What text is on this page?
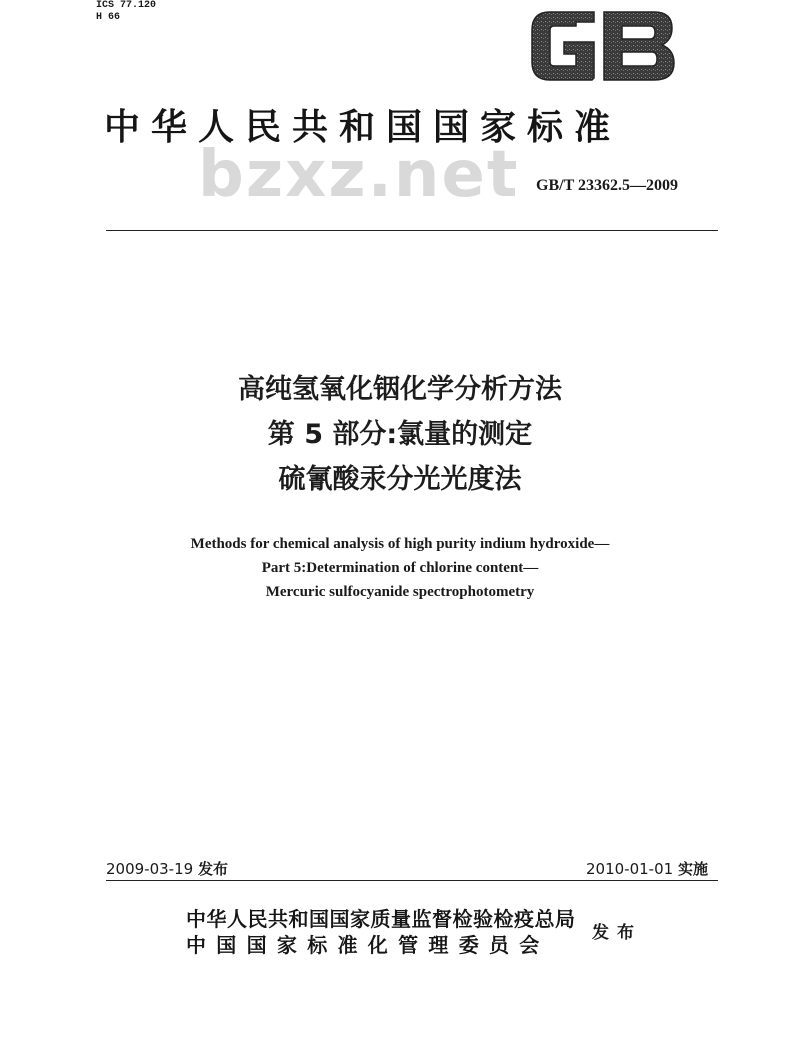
ICS 77.120
H 66
中华人民共和国国家标准
bzxz.net GB/T 23362.5—2009
高纯氢氧化铟化学分析方法
第 5 部分:氯量的测定
硫氰酸汞分光光度法
Methods for chemical analysis of high purity indium hydroxide—
Part 5:Determination of chlorine content—
Mercuric sulfocyanide spectrophotometry
2009-03-19 发布	2010-01-01 实施
中华人民共和国国家质量监督检验检疫总局
中国国家标准化管理委员会 发布
